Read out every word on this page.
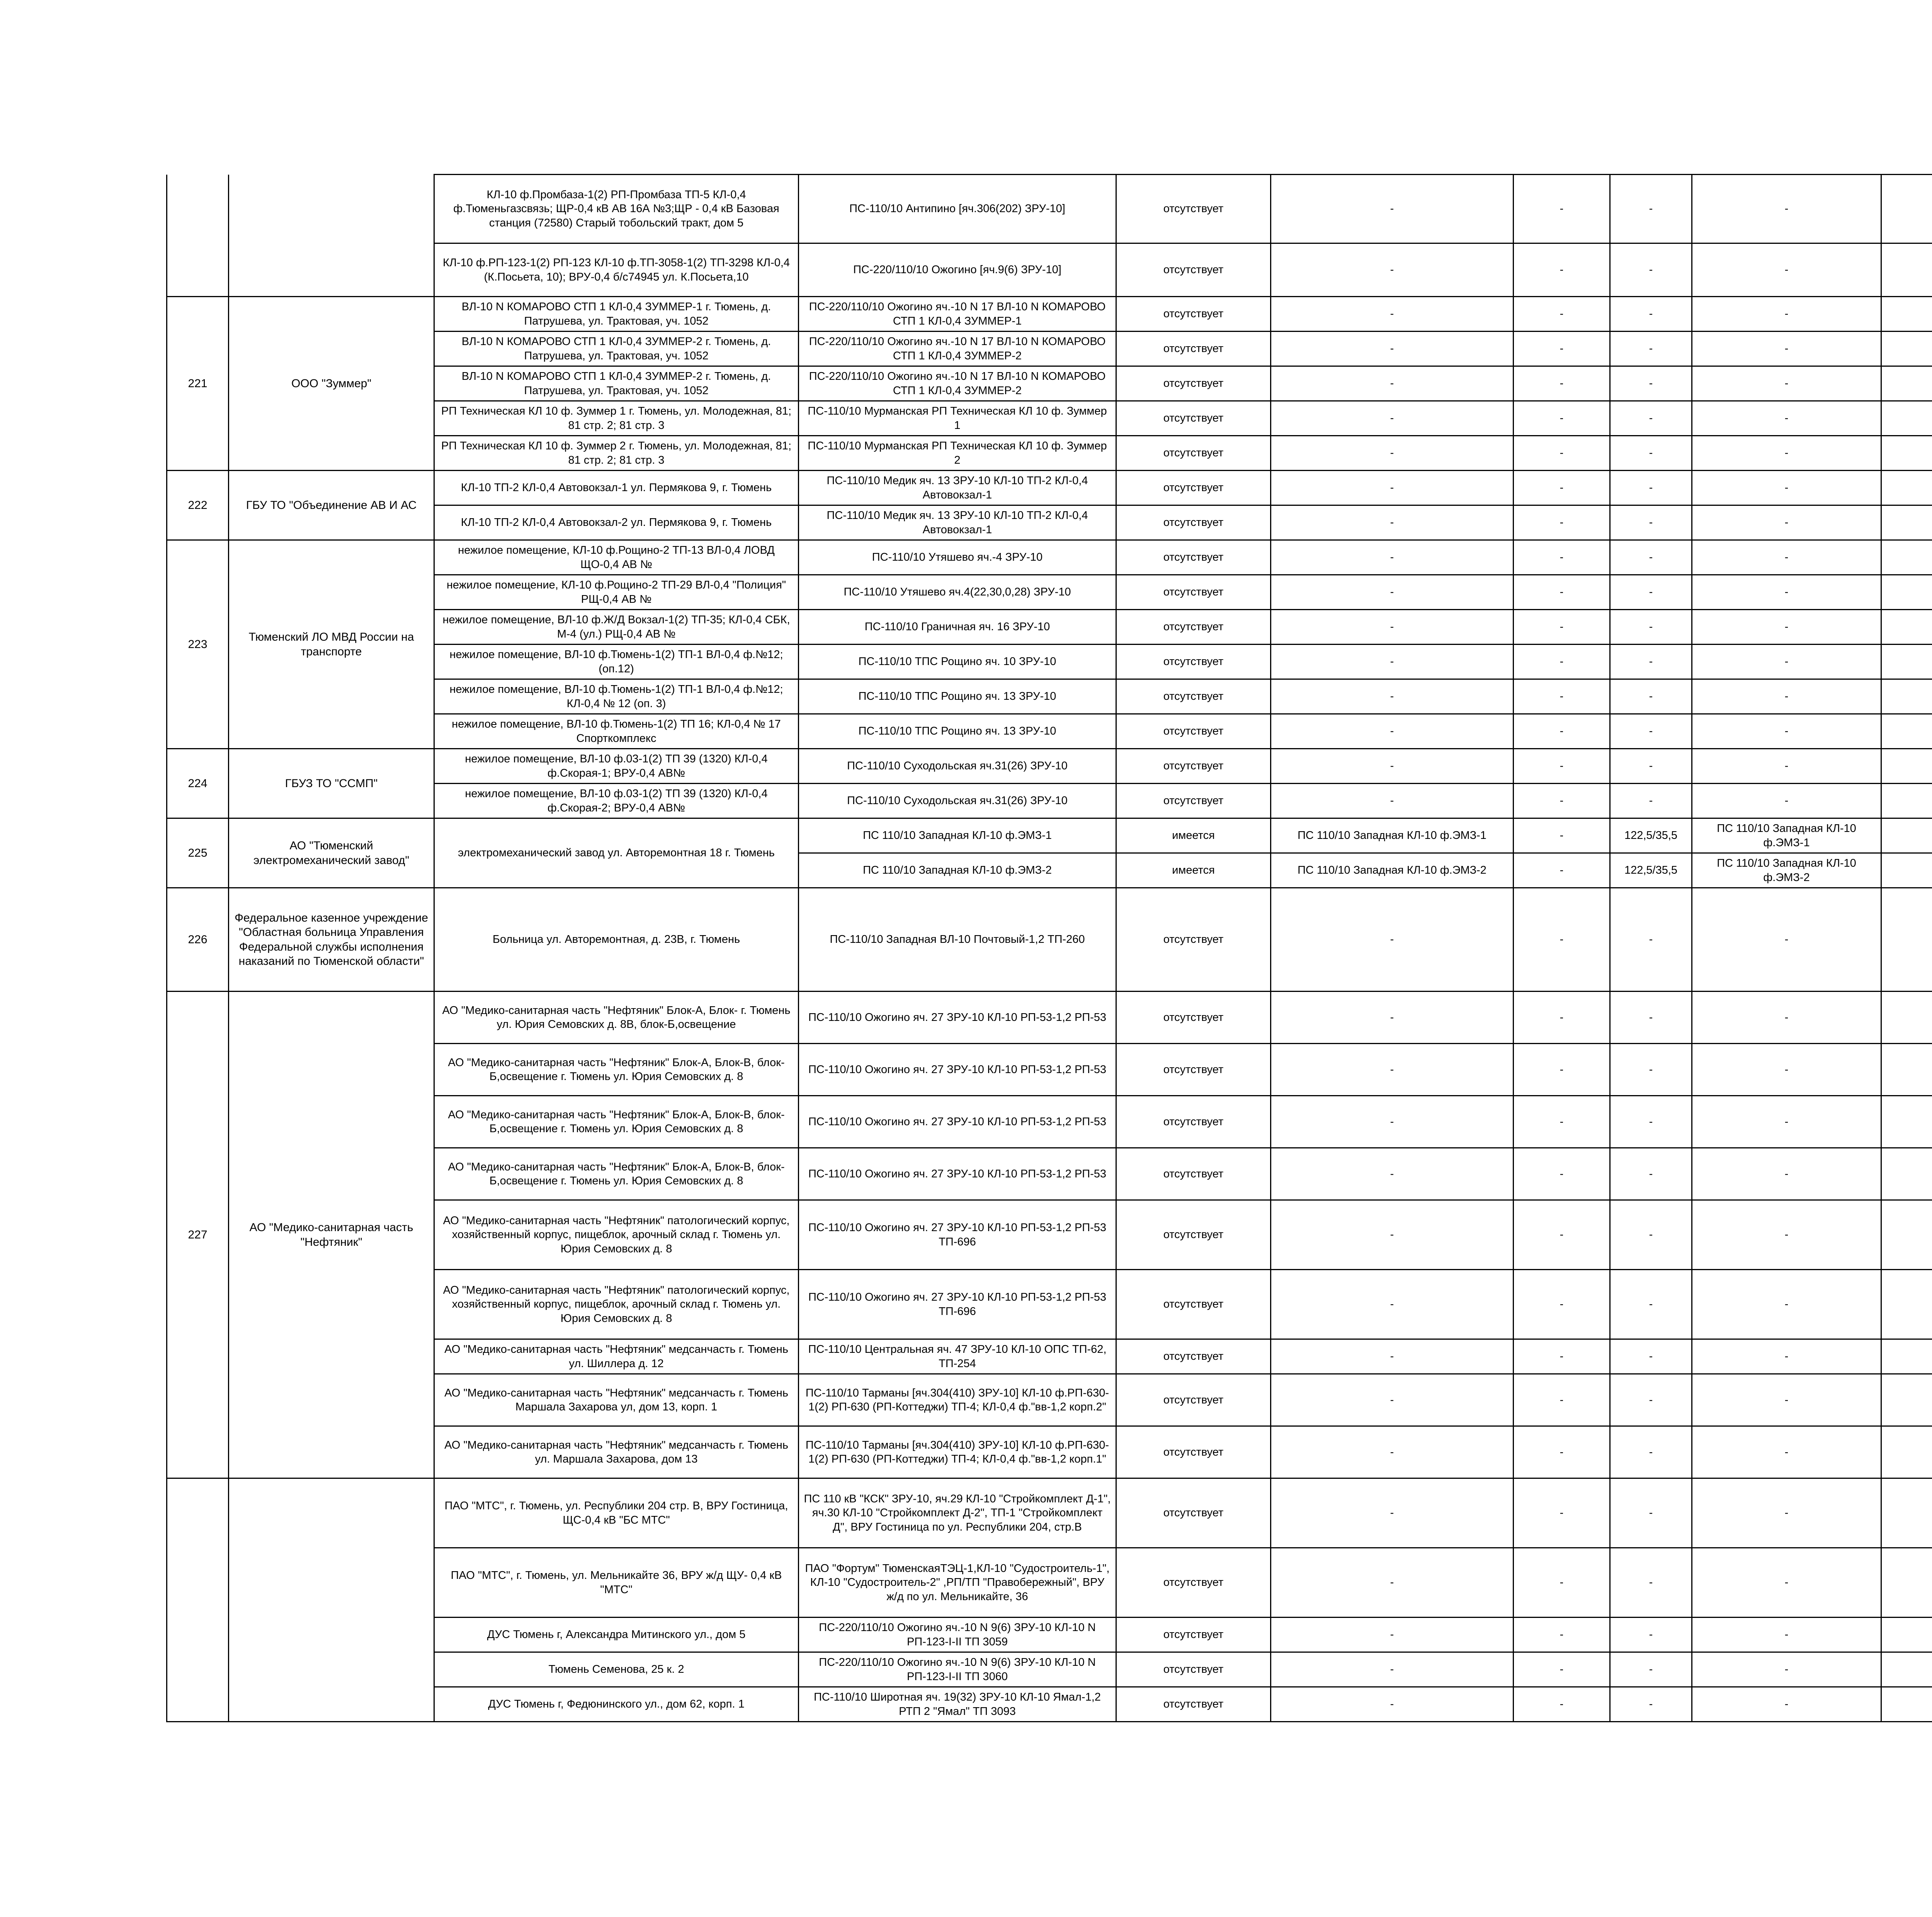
		КЛ-10 ф.Промбаза-1(2) РП-Промбаза ТП-5 КЛ-0,4 ф.Тюменьгазсвязь; ЩР-0,4 кВ АВ 16А №3;ЩР - 0,4 кВ Базовая станция (72580) Старый тобольский тракт, дом 5	ПС-110/10 Антипино [яч.306(202) ЗРУ-10]	отсутствует	-	-	-	-		
		КЛ-10 ф.РП-123-1(2) РП-123 КЛ-10 ф.ТП-3058-1(2) ТП-3298 КЛ-0,4 (К.Посьета, 10); ВРУ-0,4 б/с74945 ул. К.Посьета,10	ПС-220/110/10 Ожогино [яч.9(6) ЗРУ-10]	отсутствует	-	-	-	-		
221	ООО "Зуммер"	ВЛ-10 N КОМАРОВО СТП 1 КЛ-0,4 ЗУММЕР-1 г. Тюмень, д. Патрушева, ул. Трактовая, уч. 1052	ПС-220/110/10 Ожогино яч.-10 N 17 ВЛ-10 N КОМАРОВО СТП 1 КЛ-0,4 ЗУММЕР-1	отсутствует	-	-	-	-		
		ВЛ-10 N КОМАРОВО СТП 1 КЛ-0,4 ЗУММЕР-2 г. Тюмень, д. Патрушева, ул. Трактовая, уч. 1052	ПС-220/110/10 Ожогино яч.-10 N 17 ВЛ-10 N КОМАРОВО СТП 1 КЛ-0,4 ЗУММЕР-2	отсутствует	-	-	-	-		
		ВЛ-10 N КОМАРОВО СТП 1 КЛ-0,4 ЗУММЕР-2 г. Тюмень, д. Патрушева, ул. Трактовая, уч. 1052	ПС-220/110/10 Ожогино яч.-10 N 17 ВЛ-10 N КОМАРОВО СТП 1 КЛ-0,4 ЗУММЕР-2	отсутствует	-	-	-	-		
		РП Техническая КЛ 10 ф. Зуммер 1 г. Тюмень, ул. Молодежная, 81; 81 стр. 2; 81 стр. 3	ПС-110/10 Мурманская РП Техническая КЛ 10 ф. Зуммер 1	отсутствует	-	-	-	-		
		РП Техническая КЛ 10 ф. Зуммер 2 г. Тюмень, ул. Молодежная, 81; 81 стр. 2; 81 стр. 3	ПС-110/10 Мурманская РП Техническая КЛ 10 ф. Зуммер 2	отсутствует	-	-	-	-		
222	ГБУ ТО "Объединение АВ И АС	КЛ-10 ТП-2 КЛ-0,4 Автовокзал-1 ул. Пермякова 9, г. Тюмень	ПС-110/10 Медик яч. 13 ЗРУ-10 КЛ-10 ТП-2 КЛ-0,4 Автовокзал-1	отсутствует	-	-	-	-		
		КЛ-10 ТП-2 КЛ-0,4 Автовокзал-2 ул. Пермякова 9, г. Тюмень	ПС-110/10 Медик яч. 13 ЗРУ-10 КЛ-10 ТП-2 КЛ-0,4 Автовокзал-1	отсутствует	-	-	-	-		
223	Тюменский ЛО МВД России на транспорте	нежилое помещение, КЛ-10 ф.Рощино-2 ТП-13 ВЛ-0,4 ЛОВД ЩО-0,4 АВ №	ПС-110/10 Утяшево яч.-4 ЗРУ-10	отсутствует	-	-	-	-		
		нежилое помещение, КЛ-10 ф.Рощино-2 ТП-29 ВЛ-0,4 "Полиция" РЩ-0,4 АВ №	ПС-110/10 Утяшево яч.4(22,30,0,28) ЗРУ-10	отсутствует	-	-	-	-		
		нежилое помещение, ВЛ-10 ф.Ж/Д Вокзал-1(2) ТП-35; КЛ-0,4 СБК, М-4 (ул.) РЩ-0,4 АВ №	ПС-110/10 Граничная яч. 16 ЗРУ-10	отсутствует	-	-	-	-		
		нежилое помещение, ВЛ-10 ф.Тюмень-1(2) ТП-1 ВЛ-0,4 ф.№12; (оп.12)	ПС-110/10 ТПС Рощино яч. 10 ЗРУ-10	отсутствует	-	-	-	-		
		нежилое помещение, ВЛ-10 ф.Тюмень-1(2) ТП-1 ВЛ-0,4 ф.№12; КЛ-0,4 № 12 (оп. 3)	ПС-110/10 ТПС Рощино яч. 13 ЗРУ-10	отсутствует	-	-	-	-		
		нежилое помещение, ВЛ-10 ф.Тюмень-1(2) ТП 16; КЛ-0,4 № 17 Спорткомплекс	ПС-110/10 ТПС Рощино яч. 13 ЗРУ-10	отсутствует	-	-	-	-		
224	ГБУЗ ТО "ССМП"	нежилое помещение, ВЛ-10 ф.03-1(2) ТП 39 (1320) КЛ-0,4 ф.Скорая-1; ВРУ-0,4 АВ№	ПС-110/10 Суходольская яч.31(26) ЗРУ-10	отсутствует	-	-	-	-		
		нежилое помещение, ВЛ-10 ф.03-1(2) ТП 39 (1320) КЛ-0,4 ф.Скорая-2; ВРУ-0,4 АВ№	ПС-110/10 Суходольская яч.31(26) ЗРУ-10	отсутствует	-	-	-	-		
225	АО "Тюменский электромеханический завод"	электромеханический завод ул. Авторемонтная 18 г. Тюмень	ПС 110/10 Западная КЛ-10 ф.ЭМЗ-1	имеется	ПС 110/10 Западная КЛ-10 ф.ЭМЗ-1	-	122,5/35,5	ПС 110/10 Западная КЛ-10 ф.ЭМЗ-1		
			ПС 110/10 Западная КЛ-10 ф.ЭМЗ-2	имеется	ПС 110/10 Западная КЛ-10 ф.ЭМЗ-2	-	122,5/35,5	ПС 110/10 Западная КЛ-10 ф.ЭМЗ-2		
226	Федеральное казенное учреждение "Областная больница Управления Федеральной службы исполнения наказаний по Тюменской области"	Больница ул. Авторемонтная, д. 23В, г. Тюмень	ПС-110/10 Западная ВЛ-10 Почтовый-1,2 ТП-260	отсутствует	-	-	-	-		
227	АО "Медико-санитарная часть "Нефтяник"	АО "Медико-санитарная часть "Нефтяник" Блок-А, Блок- г. Тюмень ул. Юрия Семовских д. 8В, блок-Б,освещение	ПС-110/10 Ожогино яч. 27 ЗРУ-10 КЛ-10 РП-53-1,2 РП-53	отсутствует	-	-	-	-		
		АО "Медико-санитарная часть "Нефтяник" Блок-А, Блок-В, блок-Б,освещение г. Тюмень ул. Юрия Семовских д. 8	ПС-110/10 Ожогино яч. 27 ЗРУ-10 КЛ-10 РП-53-1,2 РП-53	отсутствует	-	-	-	-		
		АО "Медико-санитарная часть "Нефтяник" Блок-А, Блок-В, блок-Б,освещение г. Тюмень ул. Юрия Семовских д. 8	ПС-110/10 Ожогино яч. 27 ЗРУ-10 КЛ-10 РП-53-1,2 РП-53	отсутствует	-	-	-	-		
		АО "Медико-санитарная часть "Нефтяник" Блок-А, Блок-В, блок-Б,освещение г. Тюмень ул. Юрия Семовских д. 8	ПС-110/10 Ожогино яч. 27 ЗРУ-10 КЛ-10 РП-53-1,2 РП-53	отсутствует	-	-	-	-		
		АО "Медико-санитарная часть "Нефтяник" патологический корпус, хозяйственный корпус, пищеблок, арочный склад г. Тюмень ул. Юрия Семовских д. 8	ПС-110/10 Ожогино яч. 27 ЗРУ-10 КЛ-10 РП-53-1,2 РП-53 ТП-696	отсутствует	-	-	-	-		
		АО "Медико-санитарная часть "Нефтяник" патологический корпус, хозяйственный корпус, пищеблок, арочный склад г. Тюмень ул. Юрия Семовских д. 8	ПС-110/10 Ожогино яч. 27 ЗРУ-10 КЛ-10 РП-53-1,2 РП-53 ТП-696	отсутствует	-	-	-	-		
		АО "Медико-санитарная часть "Нефтяник" медсанчасть г. Тюмень ул. Шиллера д. 12	ПС-110/10 Центральная яч. 47 ЗРУ-10 КЛ-10 ОПС ТП-62, ТП-254	отсутствует	-	-	-	-		
		АО "Медико-санитарная часть "Нефтяник" медсанчасть г. Тюмень Маршала Захарова ул, дом 13, корп. 1	ПС-110/10 Тарманы [яч.304(410) ЗРУ-10] КЛ-10 ф.РП-630-1(2) РП-630 (РП-Коттеджи) ТП-4; КЛ-0,4 ф."вв-1,2 корп.2"	отсутствует	-	-	-	-		
		АО "Медико-санитарная часть "Нефтяник" медсанчасть г. Тюмень ул. Маршала Захарова, дом 13	ПС-110/10 Тарманы [яч.304(410) ЗРУ-10] КЛ-10 ф.РП-630-1(2) РП-630 (РП-Коттеджи) ТП-4; КЛ-0,4 ф."вв-1,2 корп.1"	отсутствует	-	-	-	-		
		ПАО "МТС", г. Тюмень, ул. Республики 204 стр. В, ВРУ Гостиница, ЩС-0,4 кВ "БС МТС"	ПС 110 кВ "КСК" ЗРУ-10, яч.29 КЛ-10 "Стройкомплект Д-1", яч.30 КЛ-10 "Стройкомплект Д-2", ТП-1 "Стройкомплект Д", ВРУ Гостиница по ул. Республики 204, стр.В	отсутствует	-	-	-	-		
		ПАО "МТС", г. Тюмень, ул. Мельникайте 36, ВРУ ж/д ЩУ- 0,4 кВ "МТС"	ПАО "Фортум" ТюменскаяТЭЦ-1,КЛ-10 "Судостроитель-1", КЛ-10 "Судостроитель-2" ,РП/ТП "Правобережный", ВРУ ж/д по ул. Мельникайте, 36	отсутствует	-	-	-	-		
		ДУС Тюмень г, Александра Митинского ул., дом 5	ПС-220/110/10 Ожогино яч.-10 N 9(6) ЗРУ-10 КЛ-10 N РП-123-I-II ТП 3059	отсутствует	-	-	-	-		
		Тюмень Семенова, 25 к. 2	ПС-220/110/10 Ожогино яч.-10 N 9(6) ЗРУ-10 КЛ-10 N РП-123-I-II ТП 3060	отсутствует	-	-	-	-		
		ДУС Тюмень г, Федюнинского ул., дом 62, корп. 1	ПС-110/10 Широтная яч. 19(32) ЗРУ-10 КЛ-10 Ямал-1,2 РТП 2 "Ямал" ТП 3093	отсутствует	-	-	-	-		
